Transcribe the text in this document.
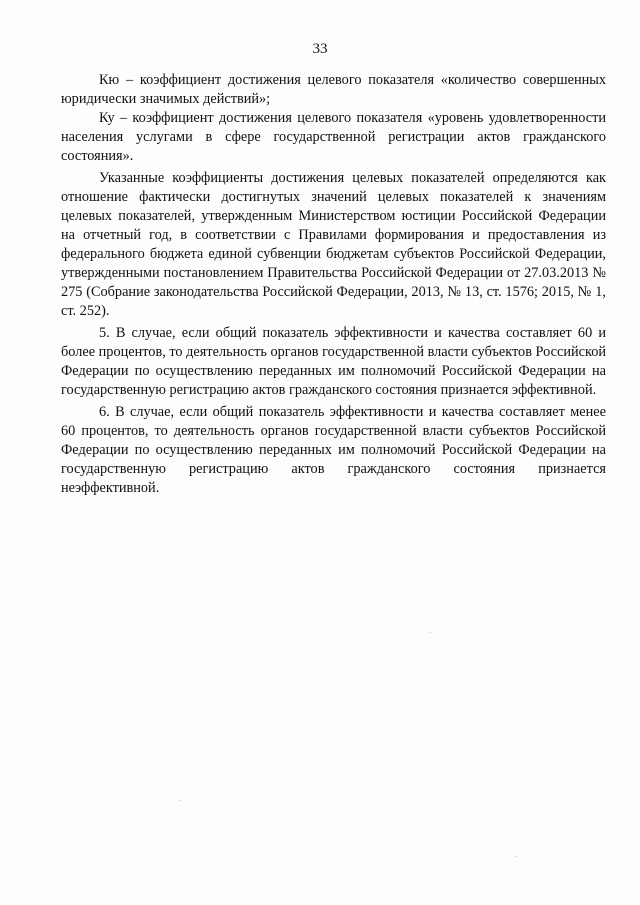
33

Кю – коэффициент достижения целевого показателя «количество совершенных юридически значимых действий»;

Ку – коэффициент достижения целевого показателя «уровень удовлетворенности населения услугами в сфере государственной регистрации актов гражданского состояния».

Указанные коэффициенты достижения целевых показателей определяются как отношение фактически достигнутых значений целевых показателей к значениям целевых показателей, утвержденным Министерством юстиции Российской Федерации на отчетный год, в соответствии с Правилами формирования и предоставления из федерального бюджета единой субвенции бюджетам субъектов Российской Федерации, утвержденными постановлением Правительства Российской Федерации от 27.03.2013 № 275 (Собрание законодательства Российской Федерации, 2013, № 13, ст. 1576; 2015, № 1, ст. 252).

5. В случае, если общий показатель эффективности и качества составляет 60 и более процентов, то деятельность органов государственной власти субъектов Российской Федерации по осуществлению переданных им полномочий Российской Федерации на государственную регистрацию актов гражданского состояния признается эффективной.

6. В случае, если общий показатель эффективности и качества составляет менее 60 процентов, то деятельность органов государственной власти субъектов Российской Федерации по осуществлению переданных им полномочий Российской Федерации на государственную регистрацию актов гражданского состояния признается неэффективной.
